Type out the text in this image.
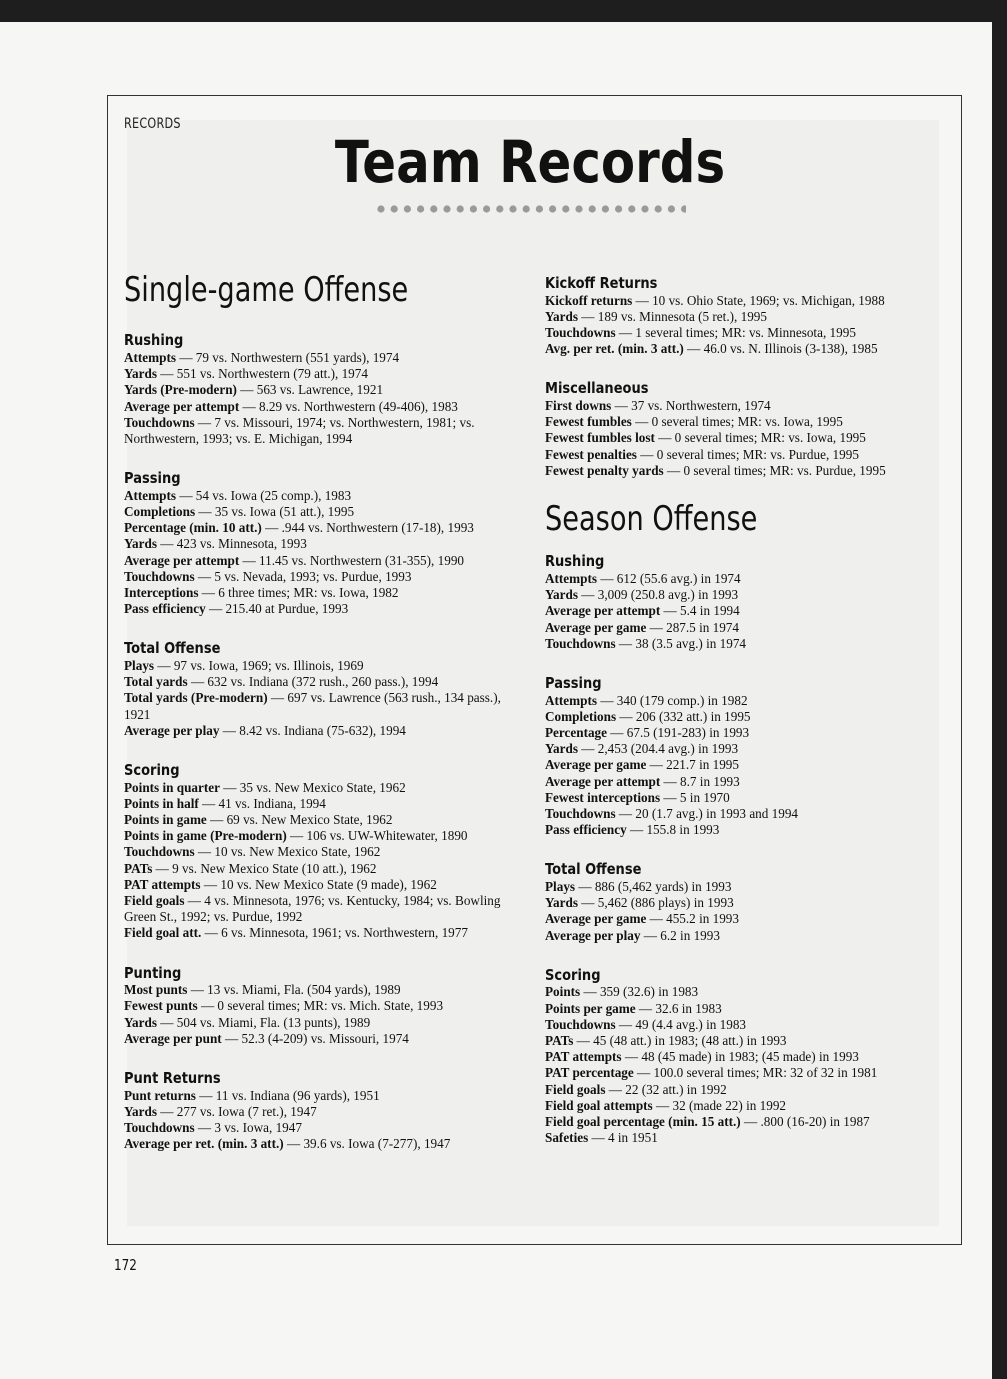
RECORDS
Team Records
Single-game Offense
Rushing

Attempts — 79 vs. Northwestern (551 yards), 1974

Yards — 551 vs. Northwestern (79 att.), 1974

Yards (Pre-modern) — 563 vs. Lawrence, 1921

Average per attempt — 8.29 vs. Northwestern (49-406), 1983

Touchdowns — 7 vs. Missouri, 1974; vs. Northwestern, 1981; vs. Northwestern, 1993; vs. E. Michigan, 1994

Passing

Attempts — 54 vs. Iowa (25 comp.), 1983

Completions — 35 vs. Iowa (51 att.), 1995

Percentage (min. 10 att.) — .944 vs. Northwestern (17-18), 1993

Yards — 423 vs. Minnesota, 1993

Average per attempt — 11.45 vs. Northwestern (31-355), 1990

Touchdowns — 5 vs. Nevada, 1993; vs. Purdue, 1993

Interceptions — 6 three times; MR: vs. Iowa, 1982

Pass efficiency — 215.40 at Purdue, 1993

Total Offense

Plays — 97 vs. Iowa, 1969; vs. Illinois, 1969

Total yards — 632 vs. Indiana (372 rush., 260 pass.), 1994

Total yards (Pre-modern) — 697 vs. Lawrence (563 rush., 134 pass.), 1921

Average per play — 8.42 vs. Indiana (75-632), 1994

Scoring

Points in quarter — 35 vs. New Mexico State, 1962

Points in half — 41 vs. Indiana, 1994

Points in game — 69 vs. New Mexico State, 1962

Points in game (Pre-modern) — 106 vs. UW-Whitewater, 1890

Touchdowns — 10 vs. New Mexico State, 1962

PATs — 9 vs. New Mexico State (10 att.), 1962

PAT attempts — 10 vs. New Mexico State (9 made), 1962

Field goals — 4 vs. Minnesota, 1976; vs. Kentucky, 1984; vs. Bowling Green St., 1992; vs. Purdue, 1992

Field goal att. — 6 vs. Minnesota, 1961; vs. Northwestern, 1977

Punting

Most punts — 13 vs. Miami, Fla. (504 yards), 1989

Fewest punts — 0 several times; MR: vs. Mich. State, 1993

Yards — 504 vs. Miami, Fla. (13 punts), 1989

Average per punt — 52.3 (4-209) vs. Missouri, 1974

Punt Returns

Punt returns — 11 vs. Indiana (96 yards), 1951

Yards — 277 vs. Iowa (7 ret.), 1947

Touchdowns — 3 vs. Iowa, 1947

Average per ret. (min. 3 att.) — 39.6 vs. Iowa (7-277), 1947

Kickoff Returns

Kickoff returns — 10 vs. Ohio State, 1969; vs. Michigan, 1988

Yards — 189 vs. Minnesota (5 ret.), 1995

Touchdowns — 1 several times; MR: vs. Minnesota, 1995

Avg. per ret. (min. 3 att.) — 46.0 vs. N. Illinois (3-138), 1985

Miscellaneous

First downs — 37 vs. Northwestern, 1974

Fewest fumbles — 0 several times; MR: vs. Iowa, 1995

Fewest fumbles lost — 0 several times; MR: vs. Iowa, 1995

Fewest penalties — 0 several times; MR: vs. Purdue, 1995

Fewest penalty yards — 0 several times; MR: vs. Purdue, 1995

Season Offense
Rushing

Attempts — 612 (55.6 avg.) in 1974

Yards — 3,009 (250.8 avg.) in 1993

Average per attempt — 5.4 in 1994

Average per game — 287.5 in 1974

Touchdowns — 38 (3.5 avg.) in 1974

Passing

Attempts — 340 (179 comp.) in 1982

Completions — 206 (332 att.) in 1995

Percentage — 67.5 (191-283) in 1993

Yards — 2,453 (204.4 avg.) in 1993

Average per game — 221.7 in 1995

Average per attempt — 8.7 in 1993

Fewest interceptions — 5 in 1970

Touchdowns — 20 (1.7 avg.) in 1993 and 1994

Pass efficiency — 155.8 in 1993

Total Offense

Plays — 886 (5,462 yards) in 1993

Yards — 5,462 (886 plays) in 1993

Average per game — 455.2 in 1993

Average per play — 6.2 in 1993

Scoring

Points — 359 (32.6) in 1983

Points per game — 32.6 in 1983

Touchdowns — 49 (4.4 avg.) in 1983

PATs — 45 (48 att.) in 1983; (48 att.) in 1993

PAT attempts — 48 (45 made) in 1983; (45 made) in 1993

PAT percentage — 100.0 several times; MR: 32 of 32 in 1981

Field goals — 22 (32 att.) in 1992

Field goal attempts — 32 (made 22) in 1992

Field goal percentage (min. 15 att.) — .800 (16-20) in 1987

Safeties — 4 in 1951

172
